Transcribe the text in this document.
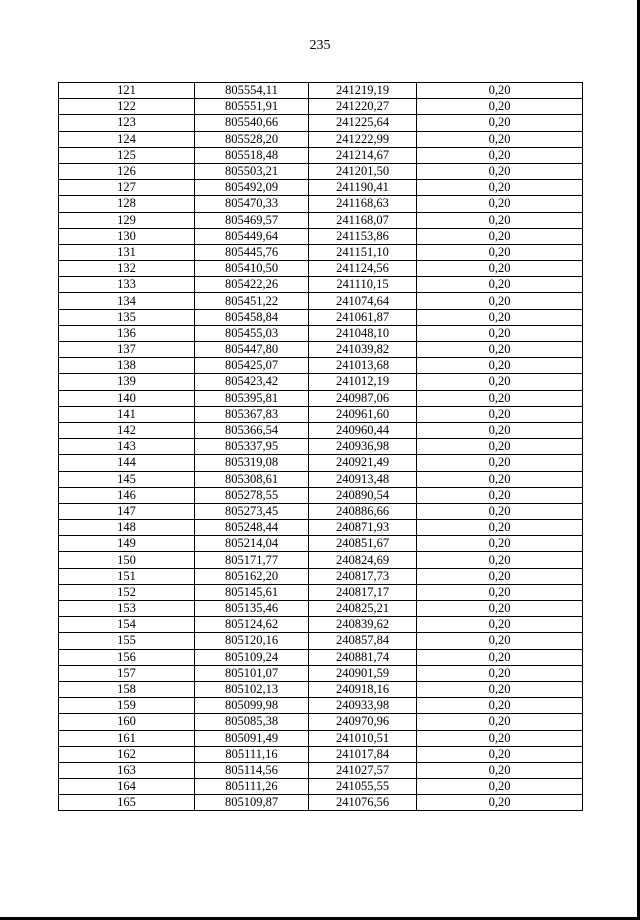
235
121	805554,11	241219,19	0,20
122	805551,91	241220,27	0,20
123	805540,66	241225,64	0,20
124	805528,20	241222,99	0,20
125	805518,48	241214,67	0,20
126	805503,21	241201,50	0,20
127	805492,09	241190,41	0,20
128	805470,33	241168,63	0,20
129	805469,57	241168,07	0,20
130	805449,64	241153,86	0,20
131	805445,76	241151,10	0,20
132	805410,50	241124,56	0,20
133	805422,26	241110,15	0,20
134	805451,22	241074,64	0,20
135	805458,84	241061,87	0,20
136	805455,03	241048,10	0,20
137	805447,80	241039,82	0,20
138	805425,07	241013,68	0,20
139	805423,42	241012,19	0,20
140	805395,81	240987,06	0,20
141	805367,83	240961,60	0,20
142	805366,54	240960,44	0,20
143	805337,95	240936,98	0,20
144	805319,08	240921,49	0,20
145	805308,61	240913,48	0,20
146	805278,55	240890,54	0,20
147	805273,45	240886,66	0,20
148	805248,44	240871,93	0,20
149	805214,04	240851,67	0,20
150	805171,77	240824,69	0,20
151	805162,20	240817,73	0,20
152	805145,61	240817,17	0,20
153	805135,46	240825,21	0,20
154	805124,62	240839,62	0,20
155	805120,16	240857,84	0,20
156	805109,24	240881,74	0,20
157	805101,07	240901,59	0,20
158	805102,13	240918,16	0,20
159	805099,98	240933,98	0,20
160	805085,38	240970,96	0,20
161	805091,49	241010,51	0,20
162	805111,16	241017,84	0,20
163	805114,56	241027,57	0,20
164	805111,26	241055,55	0,20
165	805109,87	241076,56	0,20
